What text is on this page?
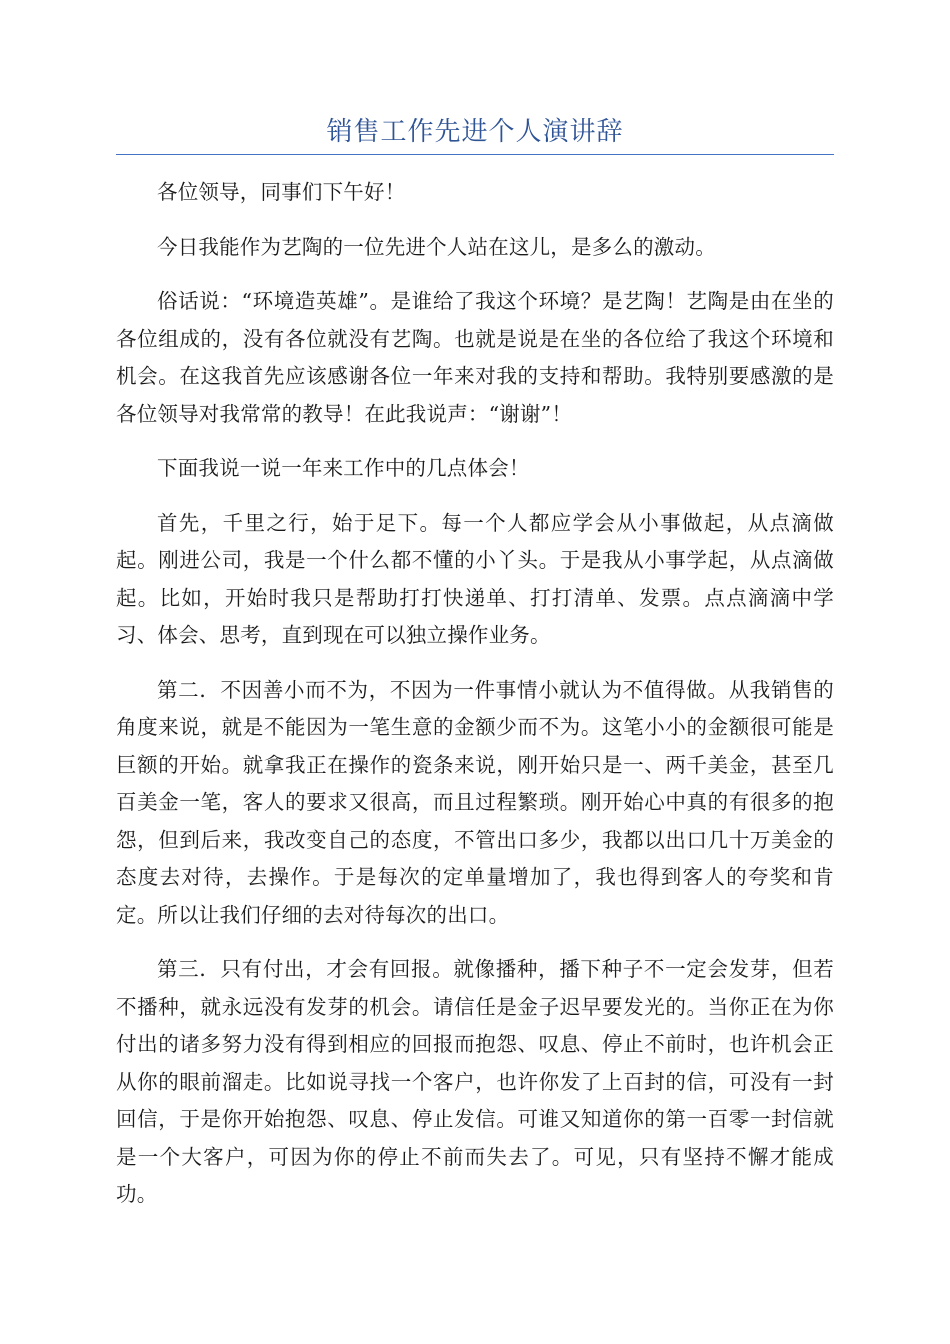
销售工作先进个人演讲辞

各位领导，同事们下午好！

今日我能作为艺陶的一位先进个人站在这儿，是多么的激动。

俗话说：“环境造英雄”。是谁给了我这个环境？是艺陶！艺陶是由在坐的各位组成的，没有各位就没有艺陶。也就是说是在坐的各位给了我这个环境和机会。在这我首先应该感谢各位一年来对我的支持和帮助。我特别要感激的是各位领导对我常常的教导！在此我说声：“谢谢”！

下面我说一说一年来工作中的几点体会！

首先，千里之行，始于足下。每一个人都应学会从小事做起，从点滴做起。刚进公司，我是一个什么都不懂的小丫头。于是我从小事学起，从点滴做起。比如，开始时我只是帮助打打快递单、打打清单、发票。点点滴滴中学习、体会、思考，直到现在可以独立操作业务。

第二．不因善小而不为，不因为一件事情小就认为不值得做。从我销售的角度来说，就是不能因为一笔生意的金额少而不为。这笔小小的金额很可能是巨额的开始。就拿我正在操作的瓷条来说，刚开始只是一、两千美金，甚至几百美金一笔，客人的要求又很高，而且过程繁琐。刚开始心中真的有很多的抱怨，但到后来，我改变自己的态度，不管出口多少，我都以出口几十万美金的态度去对待，去操作。于是每次的定单量增加了，我也得到客人的夸奖和肯定。所以让我们仔细的去对待每次的出口。

第三．只有付出，才会有回报。就像播种，播下种子不一定会发芽，但若不播种，就永远没有发芽的机会。请信任是金子迟早要发光的。当你正在为你付出的诸多努力没有得到相应的回报而抱怨、叹息、停止不前时，也许机会正从你的眼前溜走。比如说寻找一个客户，也许你发了上百封的信，可没有一封回信，于是你开始抱怨、叹息、停止发信。可谁又知道你的第一百零一封信就是一个大客户，可因为你的停止不前而失去了。可见，只有坚持不懈才能成功。
